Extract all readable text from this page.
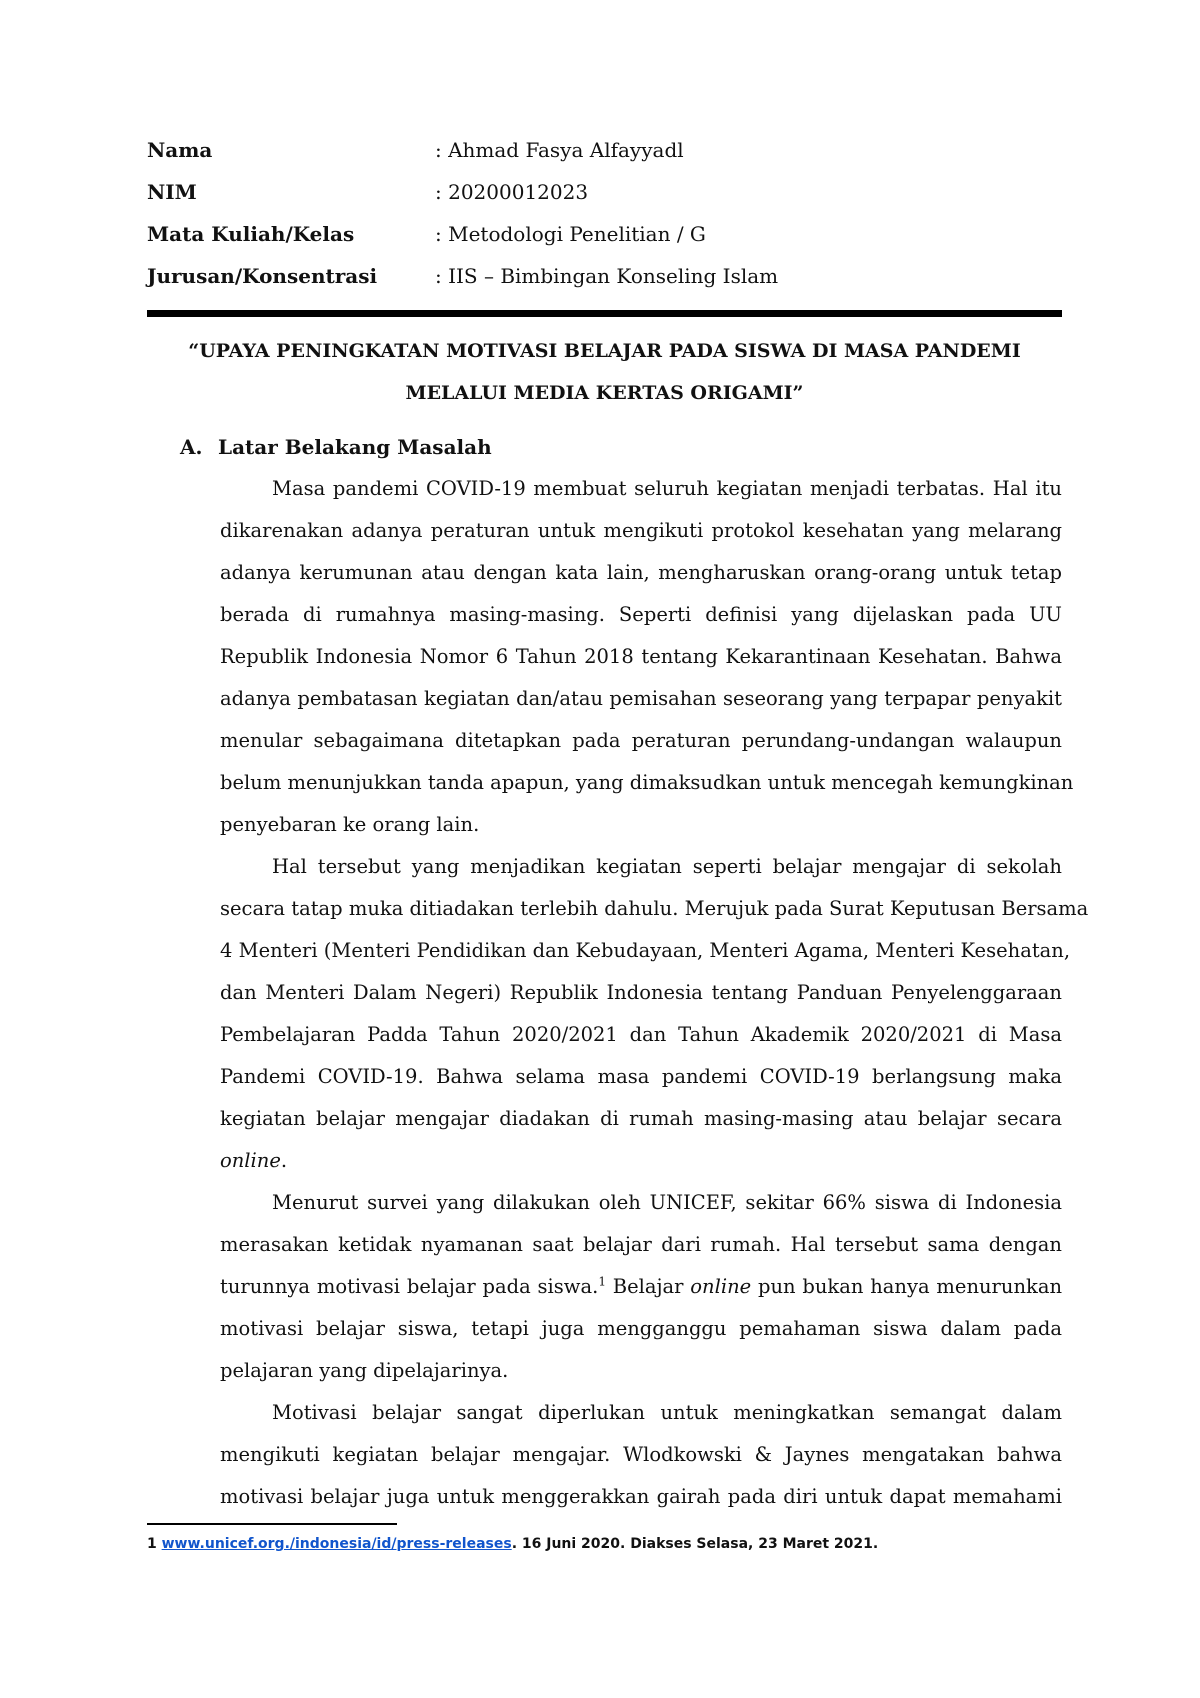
Nama	: Ahmad Fasya Alfayyadl
NIM	: 20200012023
Mata Kuliah/Kelas	: Metodologi Penelitian / G
Jurusan/Konsentrasi	: IIS – Bimbingan Konseling Islam
“UPAYA PENINGKATAN MOTIVASI BELAJAR PADA SISWA DI MASA PANDEMI
MELALUI MEDIA KERTAS ORIGAMI”
A. Latar Belakang Masalah
Masa pandemi COVID-19 membuat seluruh kegiatan menjadi terbatas. Hal itu
dikarenakan adanya peraturan untuk mengikuti protokol kesehatan yang melarang
adanya kerumunan atau dengan kata lain, mengharuskan orang-orang untuk tetap
berada di rumahnya masing-masing. Seperti definisi yang dijelaskan pada UU
Republik Indonesia Nomor 6 Tahun 2018 tentang Kekarantinaan Kesehatan. Bahwa
adanya pembatasan kegiatan dan/atau pemisahan seseorang yang terpapar penyakit
menular sebagaimana ditetapkan pada peraturan perundang-undangan walaupun
belum menunjukkan tanda apapun, yang dimaksudkan untuk mencegah kemungkinan
penyebaran ke orang lain.
Hal tersebut yang menjadikan kegiatan seperti belajar mengajar di sekolah
secara tatap muka ditiadakan terlebih dahulu. Merujuk pada Surat Keputusan Bersama
4 Menteri (Menteri Pendidikan dan Kebudayaan, Menteri Agama, Menteri Kesehatan,
dan Menteri Dalam Negeri) Republik Indonesia tentang Panduan Penyelenggaraan
Pembelajaran Padda Tahun 2020/2021 dan Tahun Akademik 2020/2021 di Masa
Pandemi COVID-19. Bahwa selama masa pandemi COVID-19 berlangsung maka
kegiatan belajar mengajar diadakan di rumah masing-masing atau belajar secara
online.
Menurut survei yang dilakukan oleh UNICEF, sekitar 66% siswa di Indonesia
merasakan ketidak nyamanan saat belajar dari rumah. Hal tersebut sama dengan
turunnya motivasi belajar pada siswa.$^1$ Belajar online pun bukan hanya menurunkan
motivasi belajar siswa, tetapi juga mengganggu pemahaman siswa dalam pada
pelajaran yang dipelajarinya.
Motivasi belajar sangat diperlukan untuk meningkatkan semangat dalam
mengikuti kegiatan belajar mengajar. Wlodkowski & Jaynes mengatakan bahwa
motivasi belajar juga untuk menggerakkan gairah pada diri untuk dapat memahami
1 www.unicef.org./indonesia/id/press-releases. 16 Juni 2020. Diakses Selasa, 23 Maret 2021.
